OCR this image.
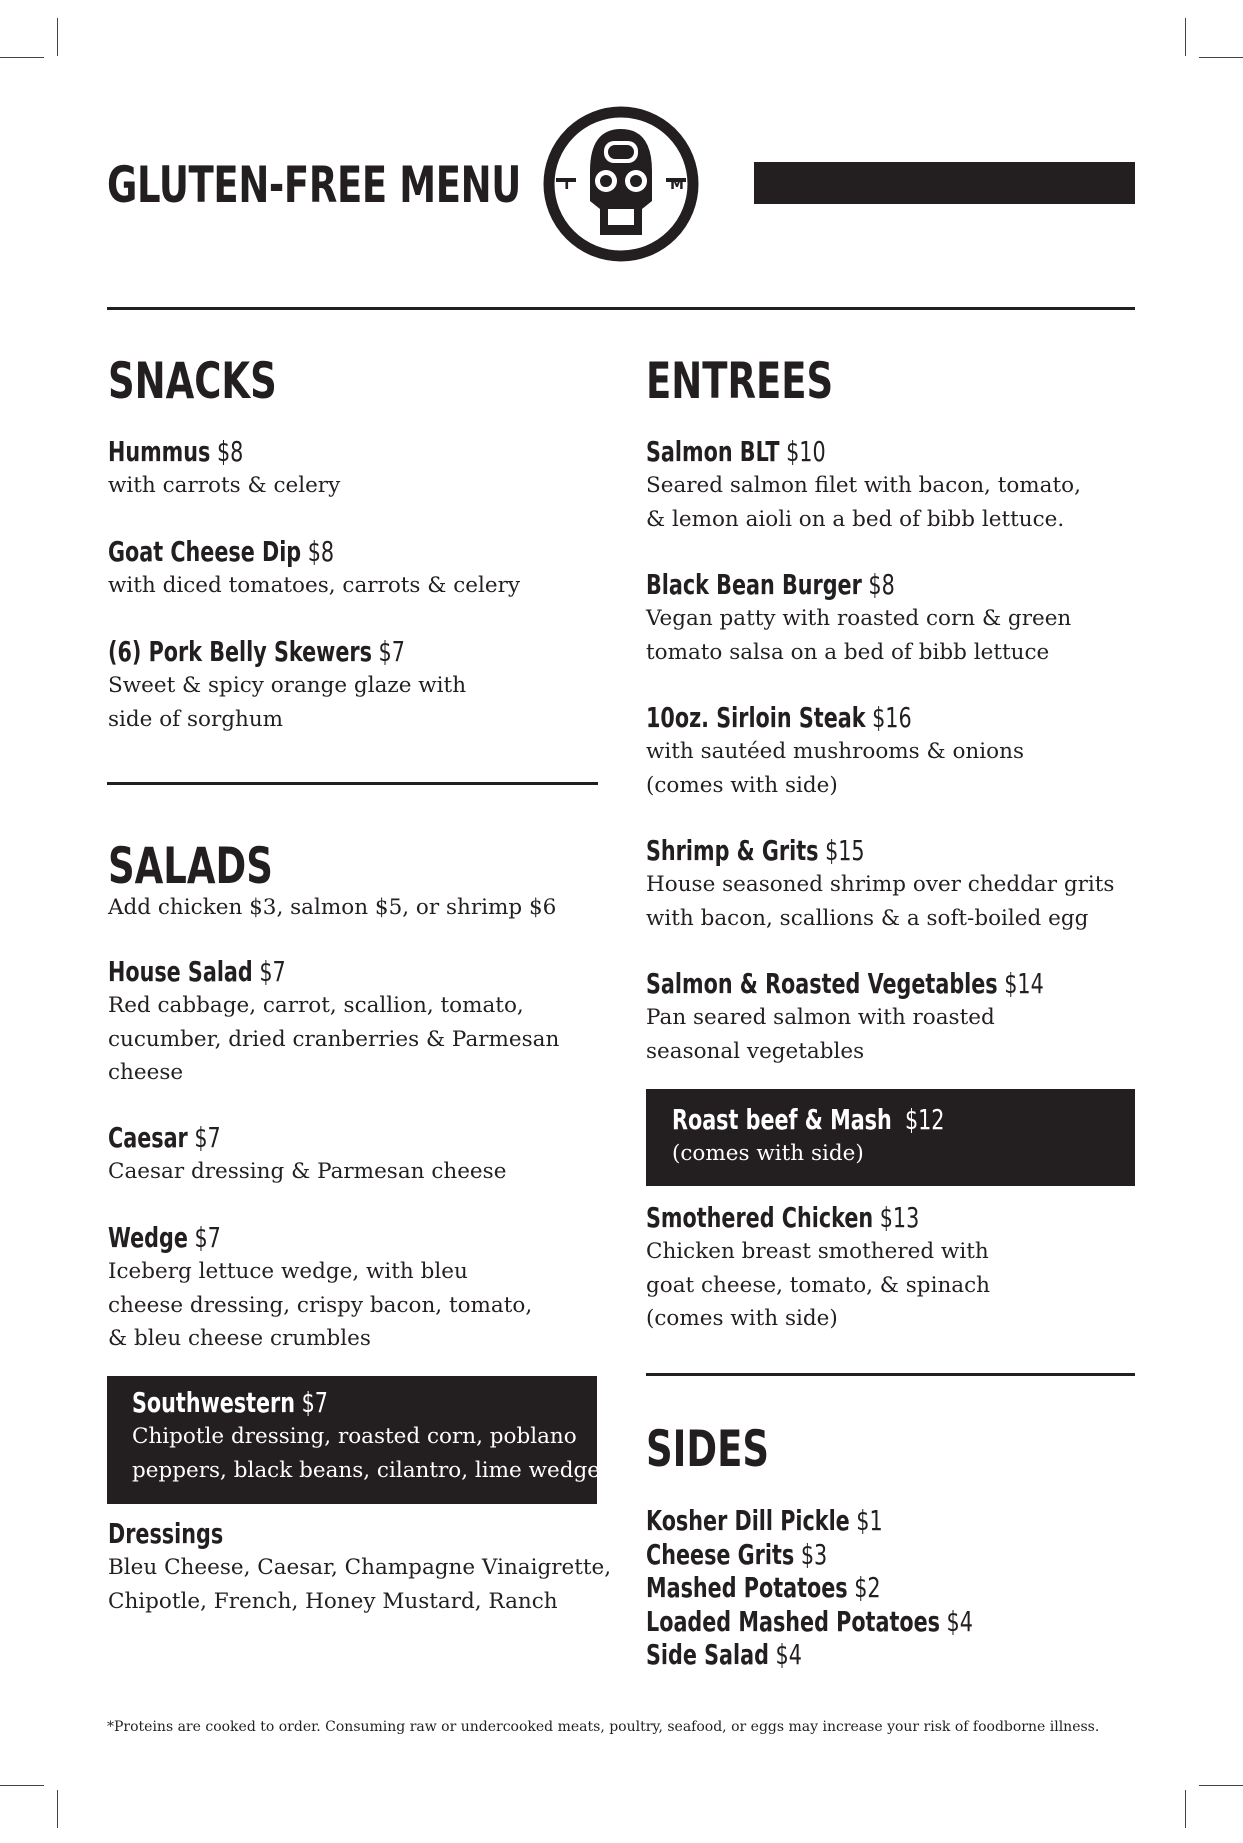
GLUTEN-FREE MENU	T O O M
SNACKS
Hummus $8
with carrots & celery
Goat Cheese Dip $8
with diced tomatoes, carrots & celery
(6) Pork Belly Skewers $7
Sweet & spicy orange glaze with
side of sorghum
SALADS
Add chicken $3, salmon $5, or shrimp $6
House Salad $7
Red cabbage, carrot, scallion, tomato,
cucumber, dried cranberries & Parmesan
cheese
Caesar $7
Caesar dressing & Parmesan cheese
Wedge $7
Iceberg lettuce wedge, with bleu
cheese dressing, crispy bacon, tomato,
& bleu cheese crumbles
Southwestern $7
Chipotle dressing, roasted corn, poblano
peppers, black beans, cilantro, lime wedge
Dressings
Bleu Cheese, Caesar, Champagne Vinaigrette,
Chipotle, French, Honey Mustard, Ranch
ENTREES
Salmon BLT $10
Seared salmon filet with bacon, tomato,
& lemon aioli on a bed of bibb lettuce.
Black Bean Burger $8
Vegan patty with roasted corn & green
tomato salsa on a bed of bibb lettuce
10oz. Sirloin Steak $16
with sautéed mushrooms & onions
(comes with side)
Shrimp & Grits $15
House seasoned shrimp over cheddar grits
with bacon, scallions & a soft-boiled egg
Salmon & Roasted Vegetables $14
Pan seared salmon with roasted
seasonal vegetables
Roast beef & Mash $12
(comes with side)
Smothered Chicken $13
Chicken breast smothered with
goat cheese, tomato, & spinach
(comes with side)
SIDES
Kosher Dill Pickle $1
Cheese Grits $3
Mashed Potatoes $2
Loaded Mashed Potatoes $4
Side Salad $4
*Proteins are cooked to order. Consuming raw or undercooked meats, poultry, seafood, or eggs may increase your risk of foodborne illness.
